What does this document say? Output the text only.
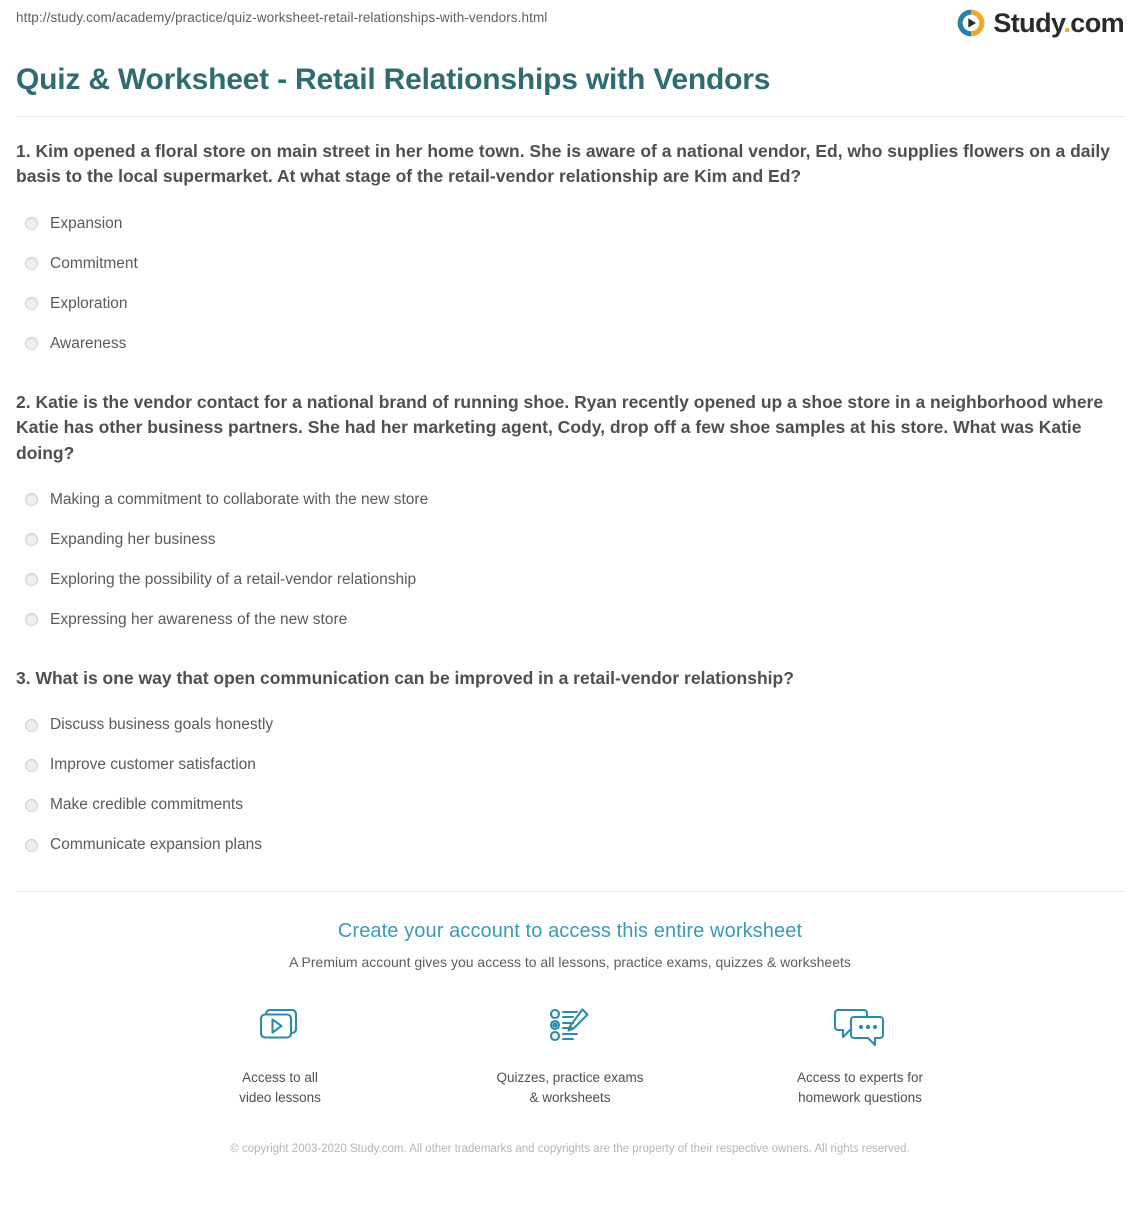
http://study.com/academy/practice/quiz-worksheet-retail-relationships-with-vendors.html	Study.com
Quiz & Worksheet - Retail Relationships with Vendors

1. Kim opened a floral store on main street in her home town. She is aware of a national vendor, Ed, who supplies flowers on a daily basis to the local supermarket. At what stage of the retail-vendor relationship are Kim and Ed?

Expansion
Commitment
Exploration
Awareness

2. Katie is the vendor contact for a national brand of running shoe. Ryan recently opened up a shoe store in a neighborhood where Katie has other business partners. She had her marketing agent, Cody, drop off a few shoe samples at his store. What was Katie doing?

Making a commitment to collaborate with the new store
Expanding her business
Exploring the possibility of a retail-vendor relationship
Expressing her awareness of the new store

3. What is one way that open communication can be improved in a retail-vendor relationship?

Discuss business goals honestly
Improve customer satisfaction
Make credible commitments
Communicate expansion plans
Create your account to access this entire worksheet
A Premium account gives you access to all lessons, practice exams, quizzes & worksheets
Access to all
video lessons
Quizzes, practice exams
& worksheets
Access to experts for
homework questions
© copyright 2003-2020 Study.com. All other trademarks and copyrights are the property of their respective owners. All rights reserved.
